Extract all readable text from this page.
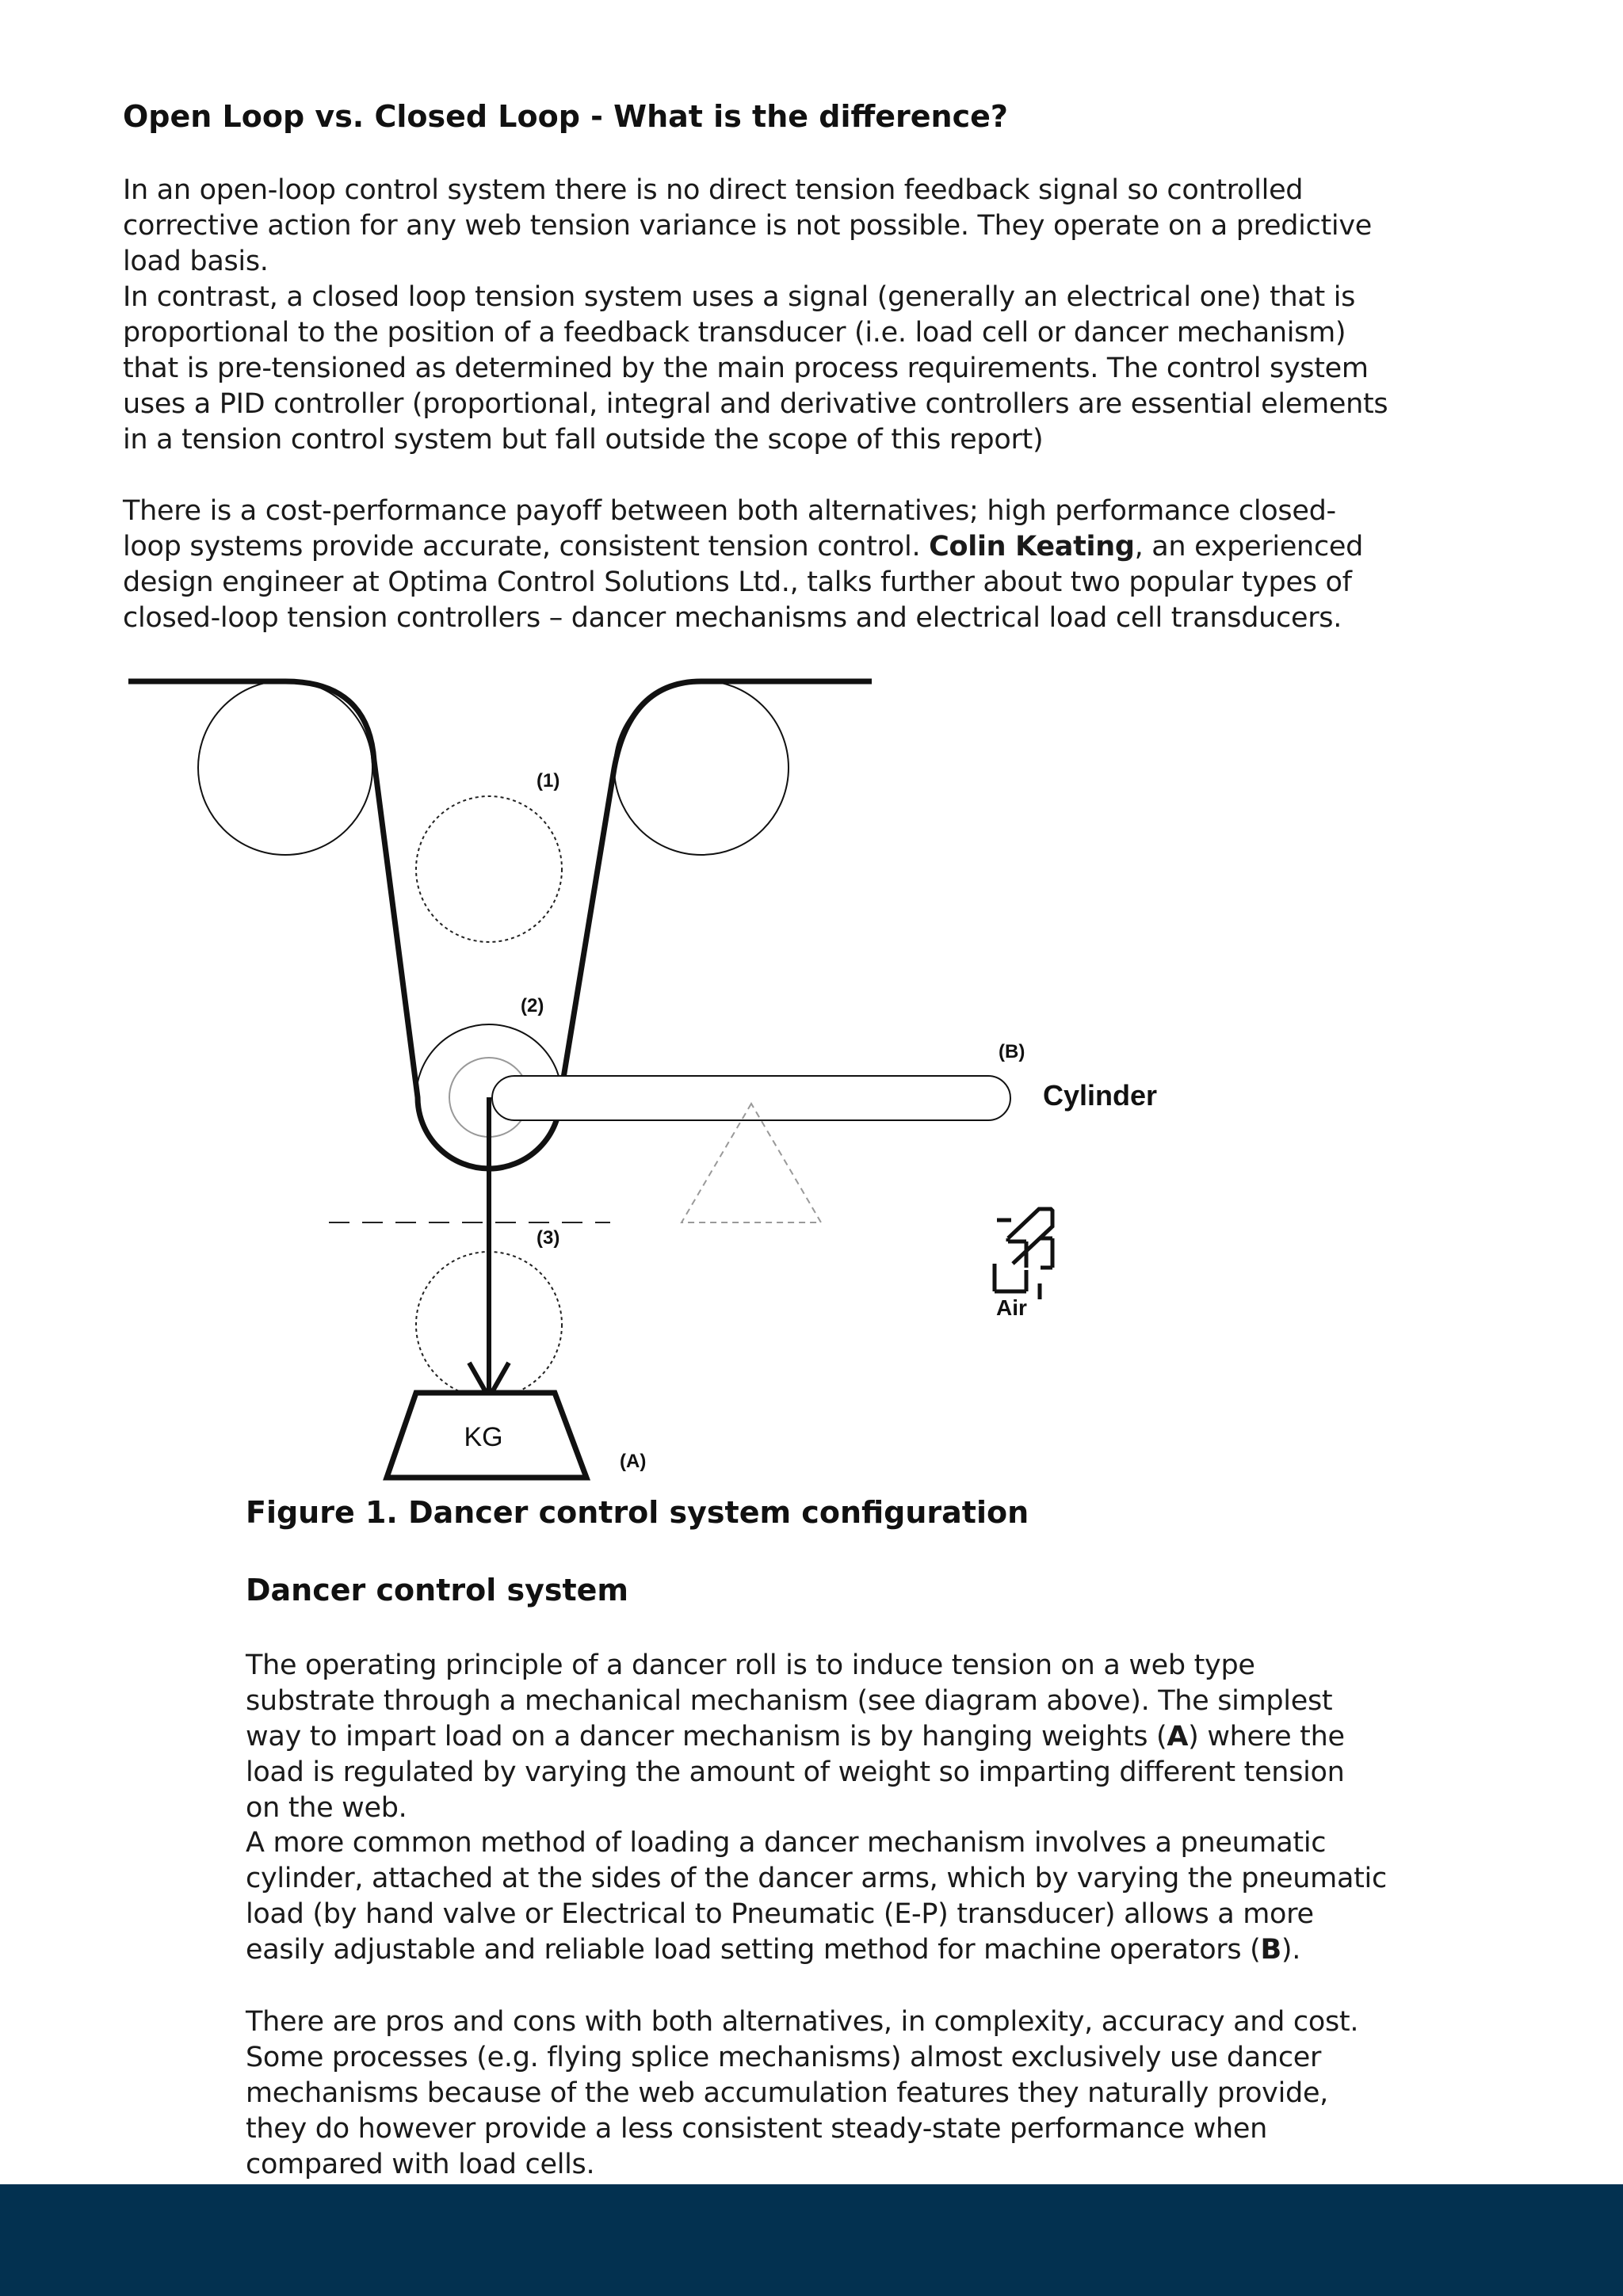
Open Loop vs. Closed Loop - What is the difference?
In an open-loop control system there is no direct tension feedback signal so controlled corrective action for any web tension variance is not possible. They operate on a predictive load basis.
In contrast, a closed loop tension system uses a signal (generally an electrical one) that is proportional to the position of a feedback transducer (i.e. load cell or dancer mechanism) that is pre-tensioned as determined by the main process requirements. The control system uses a PID controller (proportional, integral and derivative controllers are essential elements in a tension control system but fall outside the scope of this report)
There is a cost-performance payoff between both alternatives; high performance closed-loop systems provide accurate, consistent tension control. Colin Keating, an experienced design engineer at Optima Control Solutions Ltd., talks further about two popular types of closed-loop tension controllers – dancer mechanisms and electrical load cell transducers.
KG
(1)
(2)
(3)
(A)
(B)
Cylinder
Air
Figure 1. Dancer control system configuration
Dancer control system
The operating principle of a dancer roll is to induce tension on a web type substrate through a mechanical mechanism (see diagram above). The simplest way to impart load on a dancer mechanism is by hanging weights (A) where the load is regulated by varying the amount of weight so imparting different tension on the web.
A more common method of loading a dancer mechanism involves a pneumatic cylinder, attached at the sides of the dancer arms, which by varying the pneumatic load (by hand valve or Electrical to Pneumatic (E-P) transducer) allows a more easily adjustable and reliable load setting method for machine operators (B).
There are pros and cons with both alternatives, in complexity, accuracy and cost. Some processes (e.g. flying splice mechanisms) almost exclusively use dancer mechanisms because of the web accumulation features they naturally provide, they do however provide a less consistent steady-state performance when compared with load cells.
